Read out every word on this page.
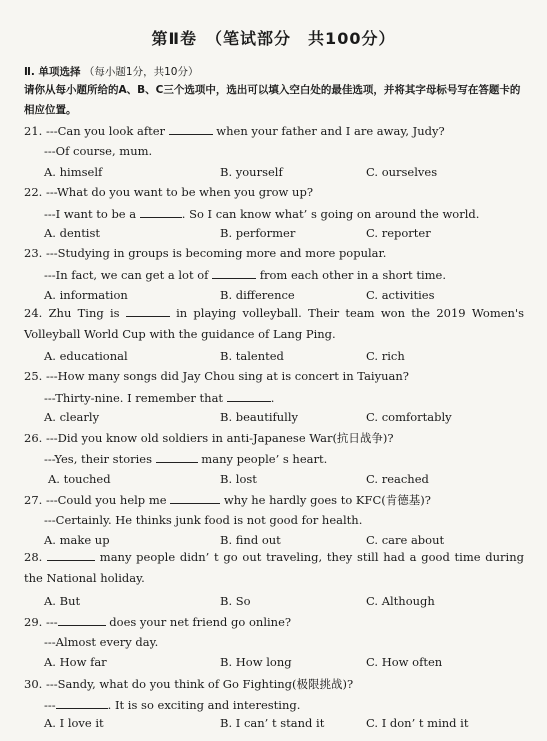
第Ⅱ卷　（笔试部分　共100分）
Ⅱ. 单项选择 （每小题1分，共10分）
请你从每小题所给的A、B、C三个选项中，选出可以填入空白处的最佳选项，并将其字母标号写在答题卡的相应位置。
21. ---Can you look after	when your father and I are away, Judy?
---Of course, mum.
A. himself	B. yourself	C. ourselves
22. ---What do you want to be when you grow up?
---I want to be a	. So I can know what’ s going on around the world.
A. dentist	B. performer	C. reporter
23. ---Studying in groups is becoming more and more popular.
---In fact, we can get a lot of	from each other in a short time.
A. information	B. difference	C. activities
24. Zhu Ting is	in playing volleyball. Their team won the 2019 Women's Volleyball World Cup with the guidance of Lang Ping.
A. educational	B. talented	C. rich
25. ---How many songs did Jay Chou sing at is concert in Taiyuan?
---Thirty-nine. I remember that	.
A. clearly	B. beautifully	C. comfortably
26. ---Did you know old soldiers in anti-Japanese War(抗日战争)?
---Yes, their stories	many people’ s heart.
A. touched	B. lost	C. reached
27. ---Could you help me	why he hardly goes to KFC(肯德基)?
---Certainly. He thinks junk food is not good for health.
A. make up	B. find out	C. care about
28.	many people didn’ t go out traveling, they still had a good time during the National holiday.
A. But	B. So	C. Although
29. ---	does your net friend go online?
---Almost every day.
A. How far	B. How long	C. How often
30. ---Sandy, what do you think of Go Fighting(极限挑战)?
---	. It is so exciting and interesting.
A. I love it	B. I can’ t stand it	C. I don’ t mind it
